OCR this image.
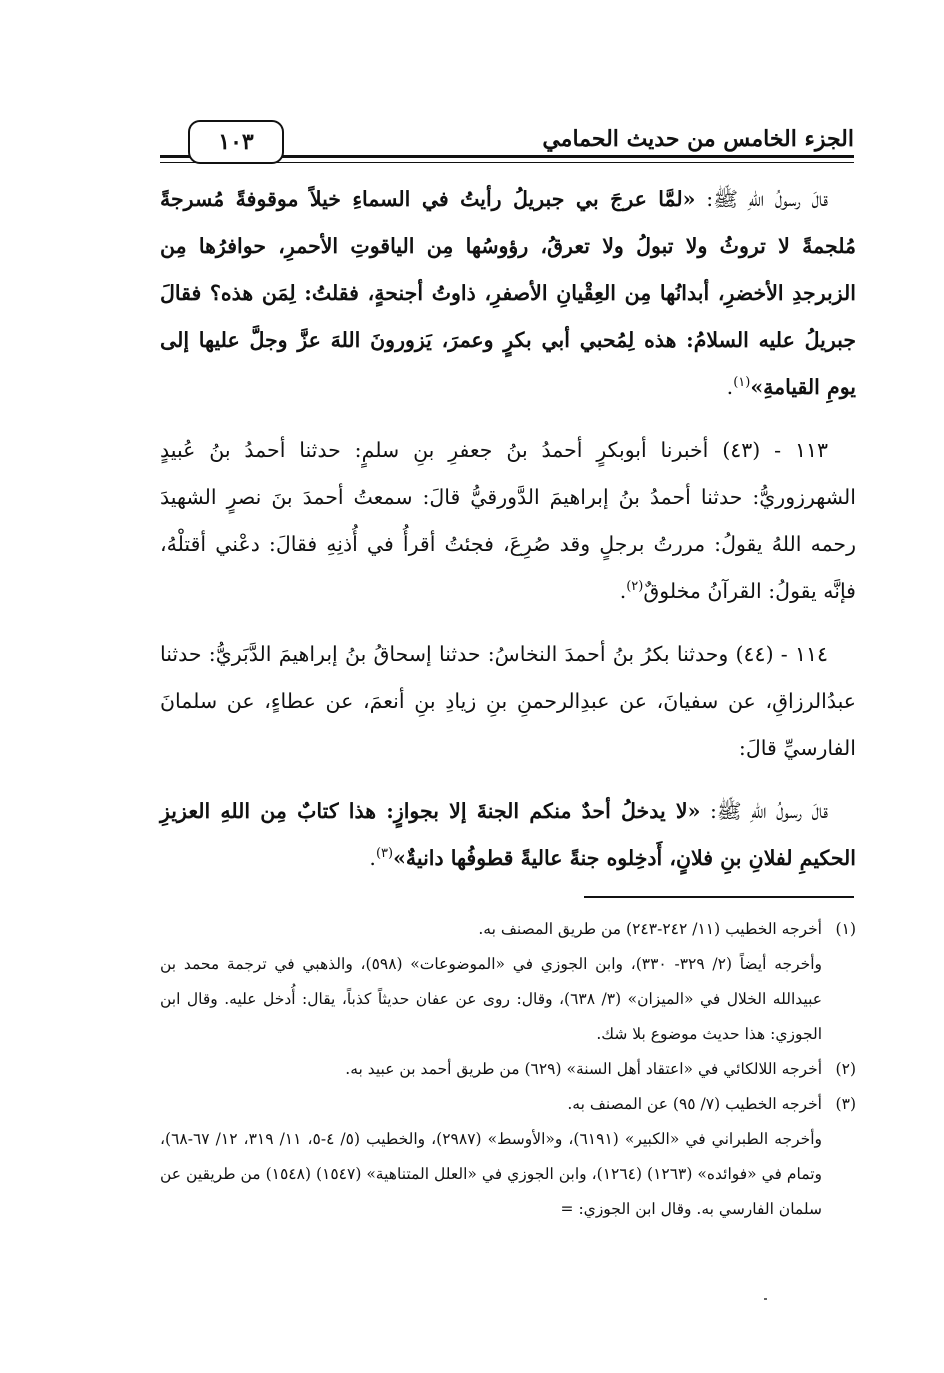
الجزء الخامس من حديث الحمامي
١٠٣

قالَ رسولُ اللهِ ﷺ: «لمَّا عرجَ بي جبريلُ رأيتُ في السماءِ خيلاً موقوفةً مُسرجةً مُلجمةً لا تروثُ ولا تبولُ ولا تعرقُ، رؤوسُها مِن الياقوتِ الأحمرِ، حوافرُها مِن الزبرجدِ الأخضرِ، أبدانُها مِن العِقْيانِ الأصفرِ، ذاوتُ أجنحةٍ، فقلتُ: لِمَن هذه؟ فقالَ جبريلُ عليه السلامُ: هذه لِمُحبي أبي بكرٍ وعمرَ، يَزورونَ اللهَ عزَّ وجلَّ عليها إلى يومِ القيامةِ»$^{(١)}$.

١١٣ - (٤٣) أخبرنا أبوبكرٍ أحمدُ بنُ جعفرِ بنِ سلمٍ: حدثنا أحمدُ بنُ عُبيدٍ الشهرزوريُّ: حدثنا أحمدُ بنُ إبراهيمَ الدَّورقيُّ قالَ: سمعتُ أحمدَ بنَ نصرٍ الشهيدَ رحمه اللهُ يقولُ: مررتُ برجلٍ وقد صُرِعَ، فجئتُ أقرأُ في أُذنِهِ فقالَ: دعْني أقتلْهُ، فإنَّه يقولُ: القرآنُ مخلوقٌ$^{(٢)}$.

١١٤ - (٤٤) وحدثنا بكرُ بنُ أحمدَ النخاسُ: حدثنا إسحاقُ بنُ إبراهيمَ الدَّبَريُّ: حدثنا عبدُالرزاقِ، عن سفيانَ، عن عبدِالرحمنِ بنِ زيادِ بنِ أنعمَ، عن عطاءٍ، عن سلمانَ الفارسيِّ قالَ:

قالَ رسولُ اللهِ ﷺ: «لا يدخلُ أحدٌ منكم الجنةَ إلا بجوازٍ: هذا كتابٌ مِن اللهِ العزيزِ الحكيمِ لفلانِ بنِ فلانٍ، أَدخِلوه جنةً عاليةً قطوفُها دانيةٌ»$^{(٣)}$.

(١)أخرجه الخطيب (١١/ ٢٤٢-٢٤٣) من طريق المصنف به.

وأخرجه أيضاً (٢/ ٣٢٩- ٣٣٠)، وابن الجوزي في «الموضوعات» (٥٩٨)، والذهبي في ترجمة محمد بن عبيدالله الخلال في «الميزان» (٣/ ٦٣٨)، وقال: روى عن عفان حديثاً كذباً، يقال: أُدخل عليه. وقال ابن الجوزي: هذا حديث موضوع بلا شك.

(٢)أخرجه اللالكائي في «اعتقاد أهل السنة» (٦٢٩) من طريق أحمد بن عبيد به.

(٣)أخرجه الخطيب (٧/ ٩٥) عن المصنف به.

وأخرجه الطبراني في «الكبير» (٦١٩١)، و«الأوسط» (٢٩٨٧)، والخطيب (٥/ ٤-٥، ١١/ ٣١٩، ١٢/ ٦٧-٦٨)، وتمام في «فوائده» (١٢٦٣) (١٢٦٤)، وابن الجوزي في «العلل المتناهية» (١٥٤٧) (١٥٤٨) من طريقين عن سلمان الفارسي به. وقال ابن الجوزي: =
